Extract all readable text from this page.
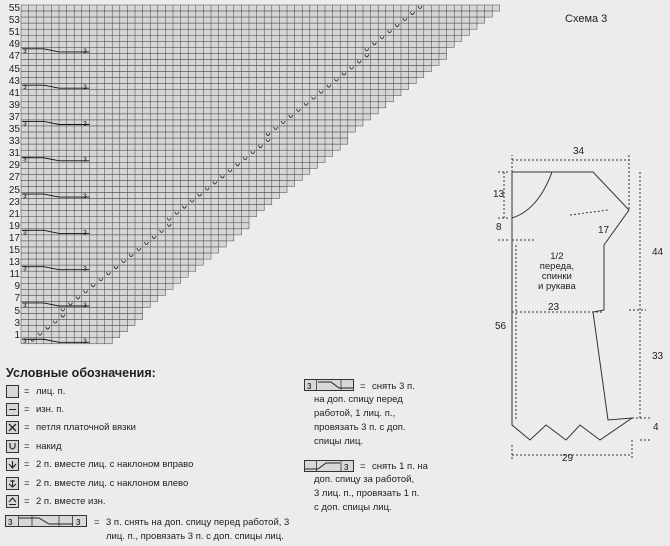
3	3
3	3
3	3
3	3
3	3
3	3
3	3
3	3
3	3
55
53
51
49
47
45
43
41
39
37
35
33
31
29
27
25
23
21
19
17
15
13
11
9
7
5
3
1
Схема 3
Условные обозначения:
= лиц. п.
= изн. п.
= петля платочной вязки
= накид
= 2 п. вместе лиц. с наклоном вправо
= 2 п. вместе лиц. с наклоном влево
= 2 п. вместе изн.
3	3 = 3 п. снять на доп. спицу перед работой, 3
лиц. п., провязать 3 п. с доп. спицы лиц.
3	= снять 3 п.
на доп. спицу перед
работой, 1 лиц. п.,
провязать 3 п. с доп.
спицы лиц.
3 = снять 1 п. на
доп. спицу за работой,
3 лиц. п., провязать 1 п.
с доп. спицы лиц.
1/2
переда,
спинки
и рукава
34
13
8	17
44
23
56
33
4
29
